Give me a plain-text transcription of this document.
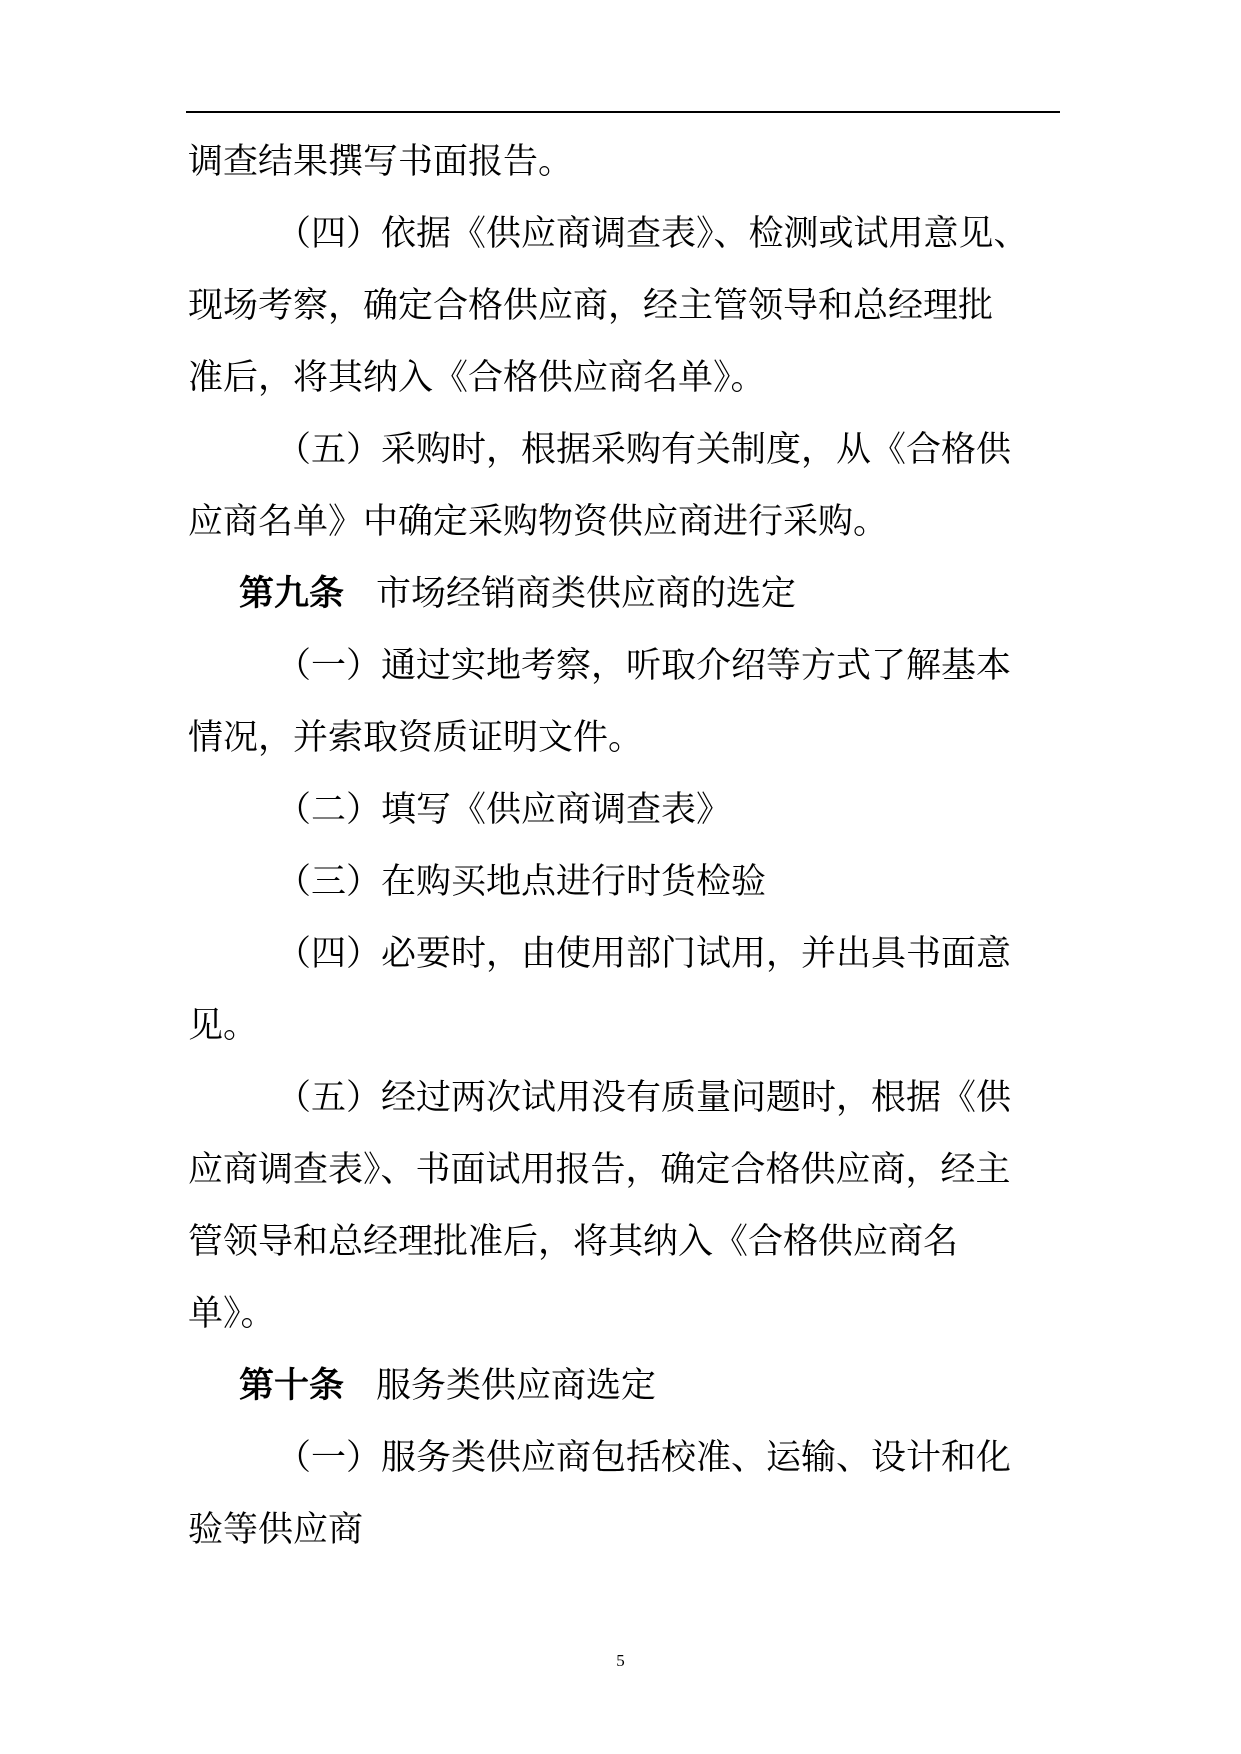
调查结果撰写书面报告。
（四）依据《供应商调查表》、检测或试用意见、
现场考察，确定合格供应商，经主管领导和总经理批
准后，将其纳入《合格供应商名单》。
（五）采购时，根据采购有关制度，从《合格供
应商名单》中确定采购物资供应商进行采购。
第九条 市场经销商类供应商的选定
（一）通过实地考察，听取介绍等方式了解基本
情况，并索取资质证明文件。
（二）填写《供应商调查表》
（三）在购买地点进行时货检验
（四）必要时，由使用部门试用，并出具书面意
见。
（五）经过两次试用没有质量问题时，根据《供
应商调查表》、书面试用报告，确定合格供应商，经主
管领导和总经理批准后，将其纳入《合格供应商名
单》。
第十条 服务类供应商选定
（一）服务类供应商包括校准、运输、设计和化
验等供应商
5
